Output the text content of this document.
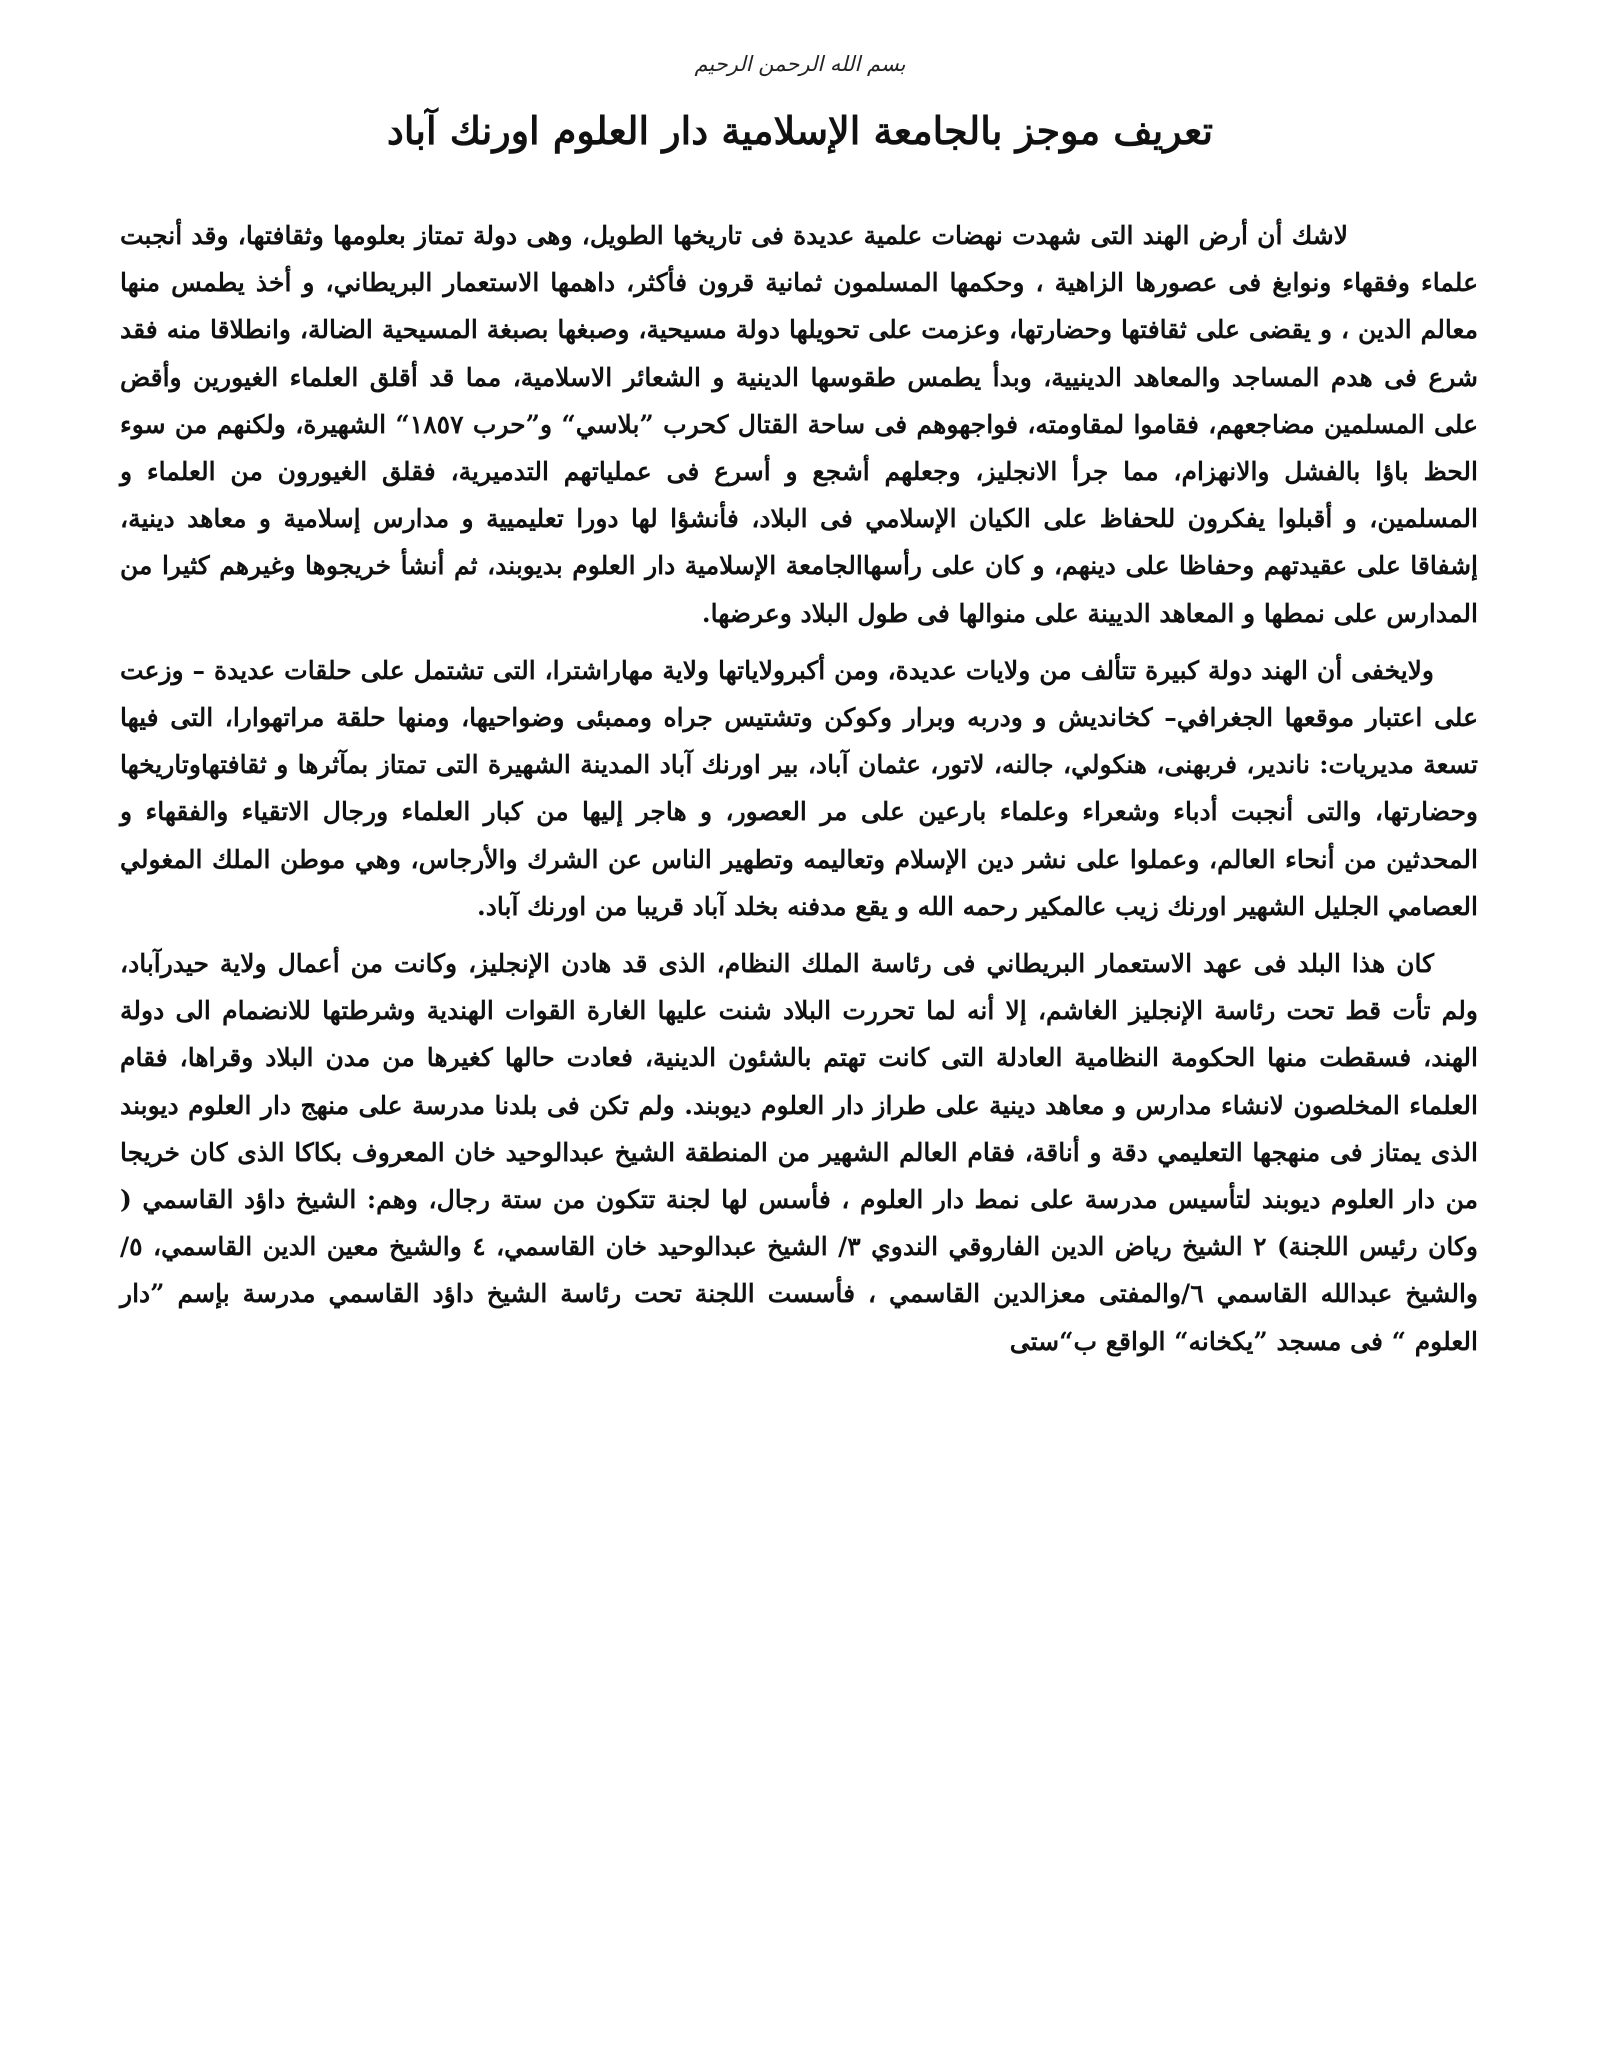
بسم الله الرحمن الرحيم
تعريف موجز بالجامعة الإسلامية دار العلوم اورنك آباد

لاشك أن أرض الهند التى شهدت نهضات علمية عديدة فى تاريخها الطويل، وهى دولة تمتاز بعلومها وثقافتها، وقد أنجبت علماء وفقهاء ونوابغ فى عصورها الزاهية ، وحكمها المسلمون ثمانية قرون فأكثر، داهمها الاستعمار البريطاني، و أخذ يطمس منها معالم الدين ، و يقضى على ثقافتها وحضارتها، وعزمت على تحويلها دولة مسيحية، وصبغها بصبغة المسيحية الضالة، وانطلاقا منه فقد شرع فى هدم المساجد والمعاهد الدينيية، وبدأ يطمس طقوسها الدينية و الشعائر الاسلامية، مما قد أقلق العلماء الغيورين وأقض على المسلمين مضاجعهم، فقاموا لمقاومته، فواجهوهم فى ساحة القتال كحرب ”بلاسي“ و”حرب ١٨٥٧“ الشهيرة، ولكنهم من سوء الحظ باؤا بالفشل والانهزام، مما جرأ الانجليز، وجعلهم أشجع و أسرع فى عملياتهم التدميرية، فقلق الغيورون من العلماء و المسلمين، و أقبلوا يفكرون للحفاظ على الكيان الإسلامي فى البلاد، فأنشؤا لها دورا تعليميية و مدارس إسلامية و معاهد دينية، إشفاقا على عقيدتهم وحفاظا على دينهم، و كان على رأسهاالجامعة الإسلامية دار العلوم بديوبند، ثم أنشأ خريجوها وغيرهم كثيرا من المدارس على نمطها و المعاهد الديينة على منوالها فى طول البلاد وعرضها.

ولايخفى أن الهند دولة كبيرة تتألف من ولايات عديدة، ومن أكبرولاياتها ولاية مهاراشترا، التى تشتمل على حلقات عديدة – وزعت على اعتبار موقعها الجغرافي– كخانديش و ودربه وبرار وكوكن وتشتيس جراه وممبئى وضواحيها، ومنها حلقة مراتهوارا، التى فيها تسعة مديريات: ناندير، فربهنى، هنكولي، جالنه، لاتور، عثمان آباد، بير اورنك آباد المدينة الشهيرة التى تمتاز بمآثرها و ثقافتهاوتاريخها وحضارتها، والتى أنجبت أدباء وشعراء وعلماء بارعين على مر العصور، و هاجر إليها من كبار العلماء ورجال الاتقياء والفقهاء و المحدثين من أنحاء العالم، وعملوا على نشر دين الإسلام وتعاليمه وتطهير الناس عن الشرك والأرجاس، وهي موطن الملك المغولي العصامي الجليل الشهير اورنك زيب عالمكير رحمه الله و يقع مدفنه بخلد آباد قريبا من اورنك آباد.

كان هذا البلد فى عهد الاستعمار البريطاني فى رئاسة الملك النظام، الذى قد هادن الإنجليز، وكانت من أعمال ولاية حيدرآباد، ولم تأت قط تحت رئاسة الإنجليز الغاشم، إلا أنه لما تحررت البلاد شنت عليها الغارة القوات الهندية وشرطتها للانضمام الى دولة الهند، فسقطت منها الحكومة النظامية العادلة التى كانت تهتم بالشئون الدينية، فعادت حالها كغيرها من مدن البلاد وقراها، فقام العلماء المخلصون لانشاء مدارس و معاهد دينية على طراز دار العلوم ديوبند. ولم تكن فى بلدنا مدرسة على منهج دار العلوم ديوبند الذى يمتاز فى منهجها التعليمي دقة و أناقة، فقام العالم الشهير من المنطقة الشيخ عبدالوحيد خان المعروف بكاكا الذى كان خريجا من دار العلوم ديوبند لتأسيس مدرسة على نمط دار العلوم ، فأسس لها لجنة تتكون من ستة رجال، وهم: الشيخ داؤد القاسمي ( وكان رئيس اللجنة) ٢ الشيخ رياض الدين الفاروقي الندوي ٣/ الشيخ عبدالوحيد خان القاسمي، ٤ والشيخ معين الدين القاسمي، ٥/والشيخ عبدالله القاسمي ٦/والمفتى معزالدين القاسمي ، فأسست اللجنة تحت رئاسة الشيخ داؤد القاسمي مدرسة بإسم ”دار العلوم “ فى مسجد ”يكخانه“ الواقع ب“ستى
